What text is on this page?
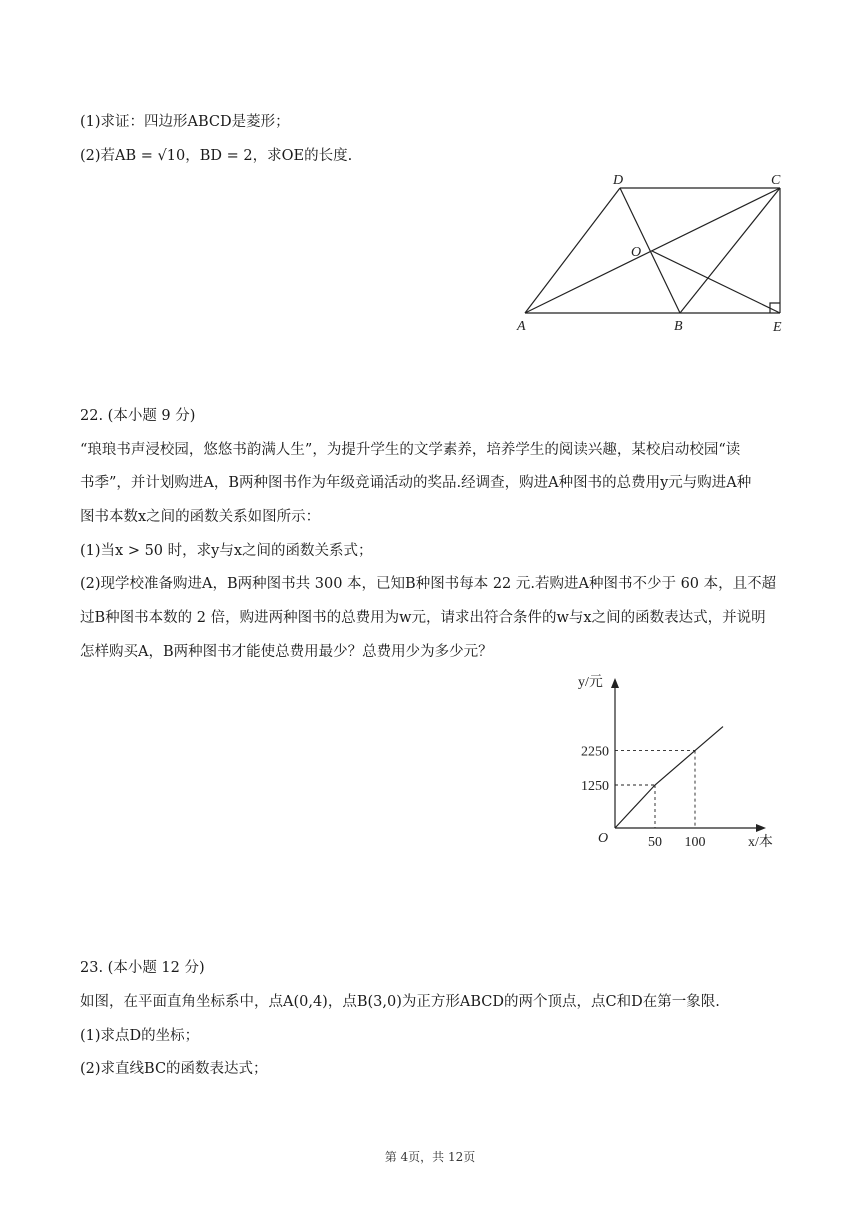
(1)求证：四边形ABCD是菱形；
(2)若AB = √10，BD = 2，求OE的长度.
D	C
O
A	B	E
22. (本小题 9 分)
“琅琅书声浸校园，悠悠书韵满人生”，为提升学生的文学素养，培养学生的阅读兴趣，某校启动校园“读
书季”，并计划购进A，B两种图书作为年级竞诵活动的奖品.经调查，购进A种图书的总费用y元与购进A种
图书本数x之间的函数关系如图所示：
(1)当x > 50 时，求y与x之间的函数关系式；
(2)现学校准备购进A，B两种图书共 300 本，已知B种图书每本 22 元.若购进A种图书不少于 60 本，且不超
过B种图书本数的 2 倍，购进两种图书的总费用为w元，请求出符合条件的w与x之间的函数表达式，并说明
怎样购买A，B两种图书才能使总费用最少？总费用少为多少元？
50
1250
100
2250
y/元
x/本
O
23. (本小题 12 分)
如图，在平面直角坐标系中，点A(0,4)，点B(3,0)为正方形ABCD的两个顶点，点C和D在第一象限.
(1)求点D的坐标；
(2)求直线BC的函数表达式；
第 4页，共 12页
